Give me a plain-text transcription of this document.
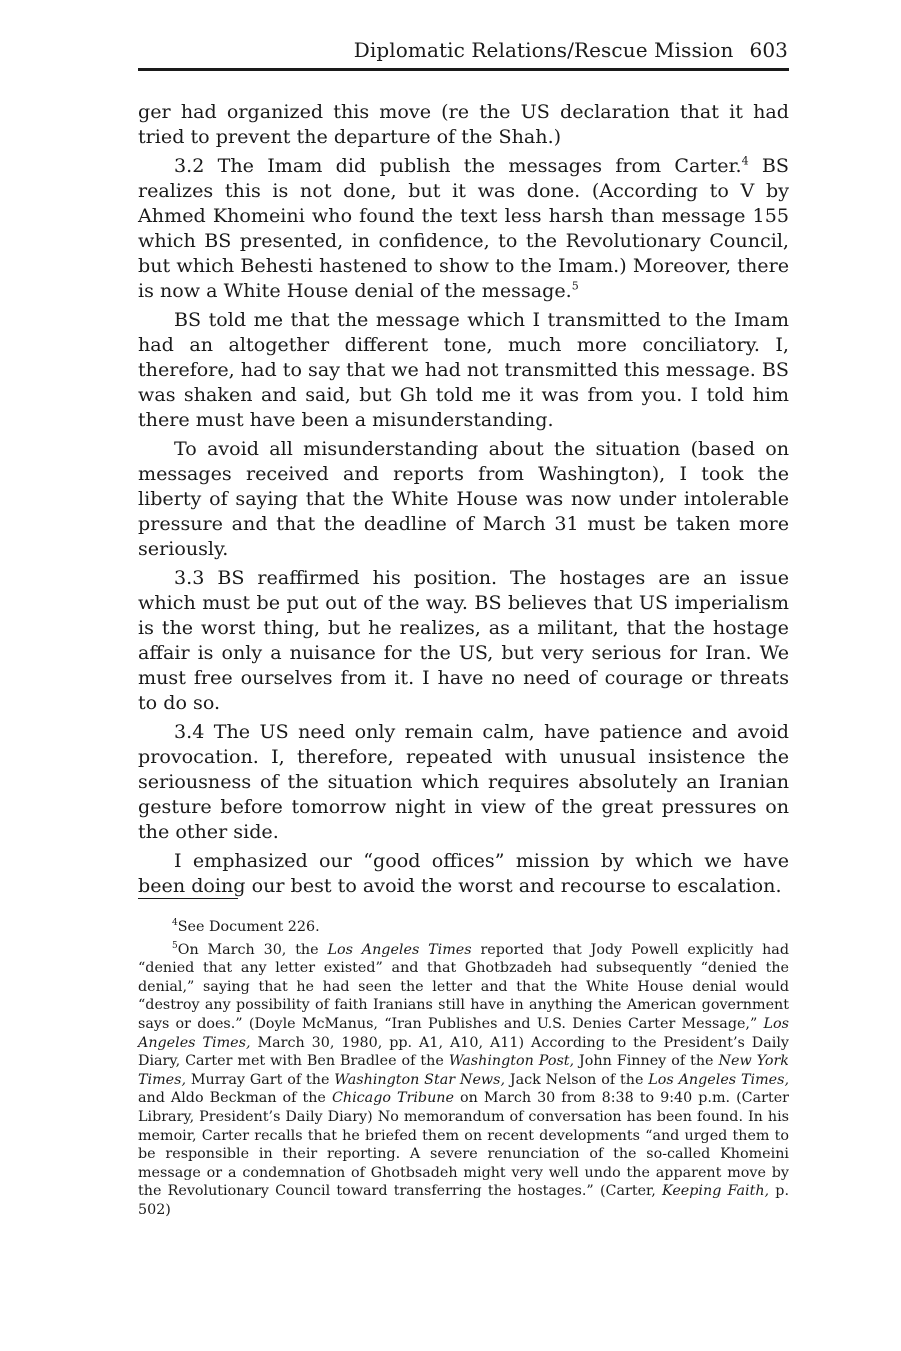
Diplomatic Relations/Rescue Mission 603

ger had organized this move (re the US declaration that it had tried to prevent the departure of the Shah.)

3.2 The Imam did publish the messages from Carter.$^4$ BS realizes this is not done, but it was done. (According to V by Ahmed Khomeini who found the text less harsh than message 155 which BS presented, in confidence, to the Revolutionary Council, but which Behesti hastened to show to the Imam.) Moreover, there is now a White House denial of the message.$^5$

BS told me that the message which I transmitted to the Imam had an altogether different tone, much more conciliatory. I, therefore, had to say that we had not transmitted this message. BS was shaken and said, but Gh told me it was from you. I told him there must have been a misunderstanding.

To avoid all misunderstanding about the situation (based on messages received and reports from Washington), I took the liberty of saying that the White House was now under intolerable pressure and that the deadline of March 31 must be taken more seriously.

3.3 BS reaffirmed his position. The hostages are an issue which must be put out of the way. BS believes that US imperialism is the worst thing, but he realizes, as a militant, that the hostage affair is only a nuisance for the US, but very serious for Iran. We must free ourselves from it. I have no need of courage or threats to do so.

3.4 The US need only remain calm, have patience and avoid provocation. I, therefore, repeated with unusual insistence the seriousness of the situation which requires absolutely an Iranian gesture before tomorrow night in view of the great pressures on the other side.

I emphasized our “good offices” mission by which we have been doing our best to avoid the worst and recourse to escalation.

$^4$See Document 226.

$^5$On March 30, the Los Angeles Times reported that Jody Powell explicitly had “denied that any letter existed” and that Ghotbzadeh had subsequently “denied the denial,” saying that he had seen the letter and that the White House denial would “destroy any possibility of faith Iranians still have in anything the American government says or does.” (Doyle McManus, “Iran Publishes and U.S. Denies Carter Message,” Los Angeles Times, March 30, 1980, pp. A1, A10, A11) According to the President’s Daily Diary, Carter met with Ben Bradlee of the Washington Post, John Finney of the New York Times, Murray Gart of the Washington Star News, Jack Nelson of the Los Angeles Times, and Aldo Beckman of the Chicago Tribune on March 30 from 8:38 to 9:40 p.m. (Carter Library, President’s Daily Diary) No memorandum of conversation has been found. In his memoir, Carter recalls that he briefed them on recent developments “and urged them to be responsible in their reporting. A severe renunciation of the so-called Khomeini message or a condemnation of Ghotbsadeh might very well undo the apparent move by the Revolutionary Council toward transferring the hostages.” (Carter, Keeping Faith, p. 502)
